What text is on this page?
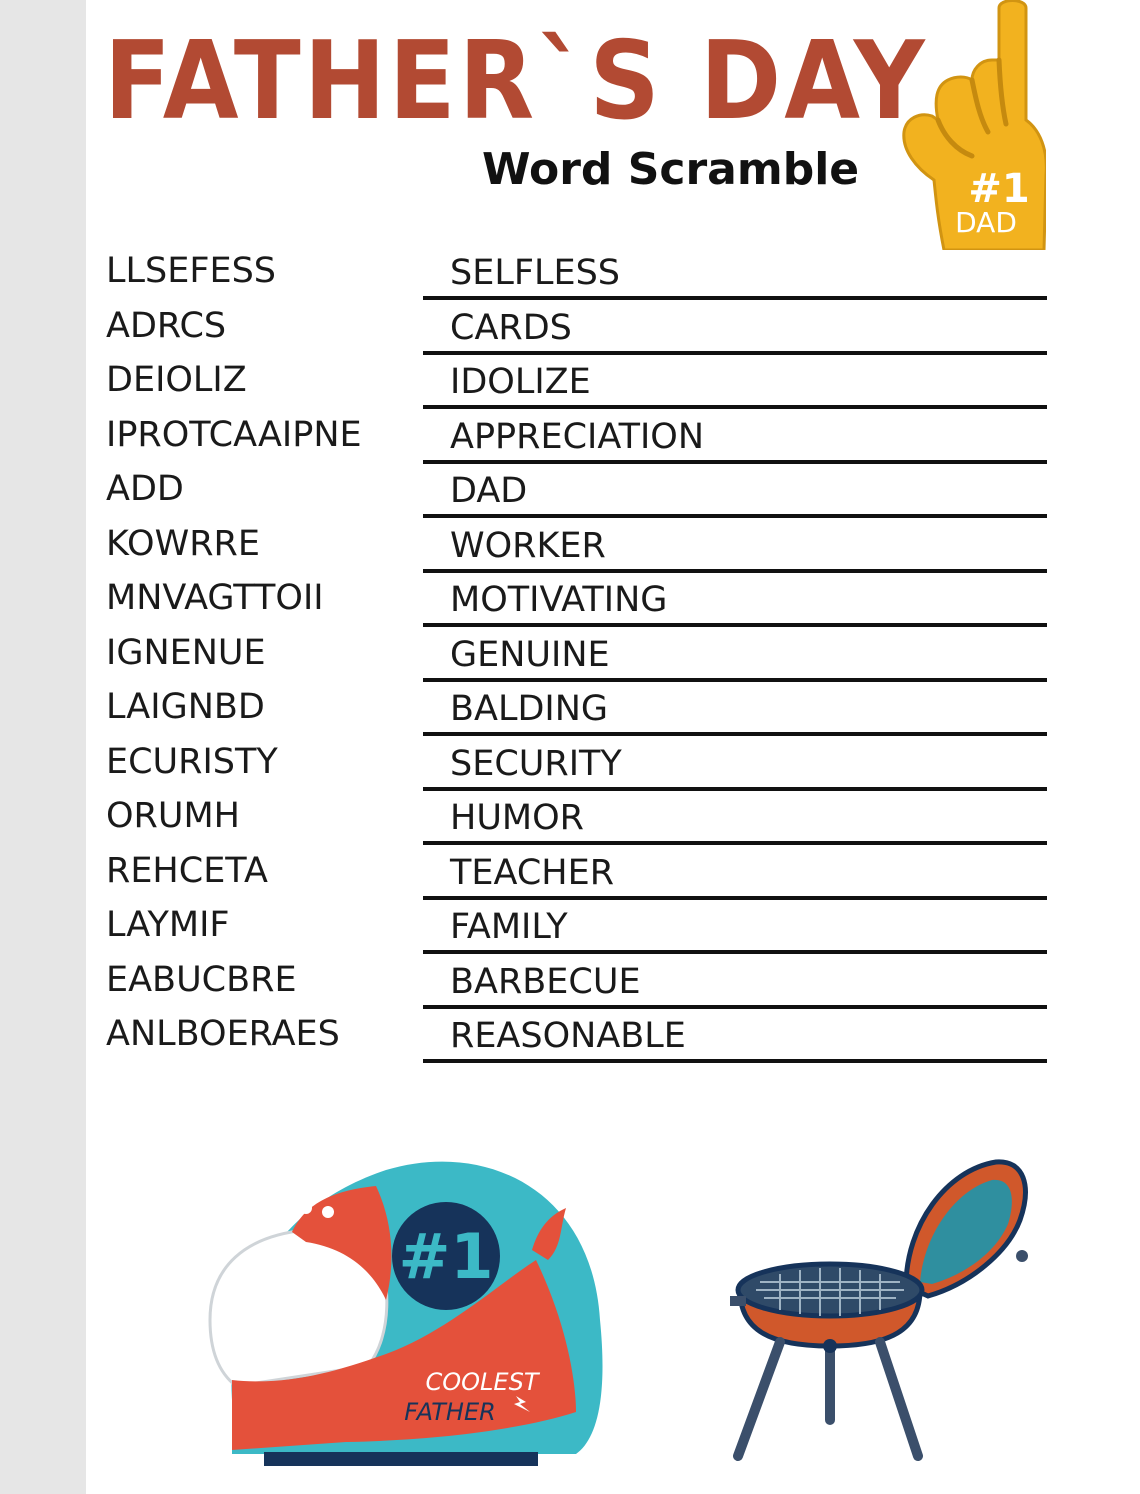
FATHER`S DAY
Word Scramble	#1
DAD
LLSEFESS	SELFLESS
ADRCS	CARDS
DEIOLIZ	IDOLIZE
IPROTCAAIPNE	APPRECIATION
ADD	DAD
KOWRRE	WORKER
MNVAGTTOII	MOTIVATING
IGNENUE	GENUINE
LAIGNBD	BALDING
ECURISTY	SECURITY
ORUMH	HUMOR
REHCETA	TEACHER
LAYMIF	FAMILY
EABUCBRE	BARBECUE
ANLBOERAES	REASONABLE
#1
COOLEST
FATHER
